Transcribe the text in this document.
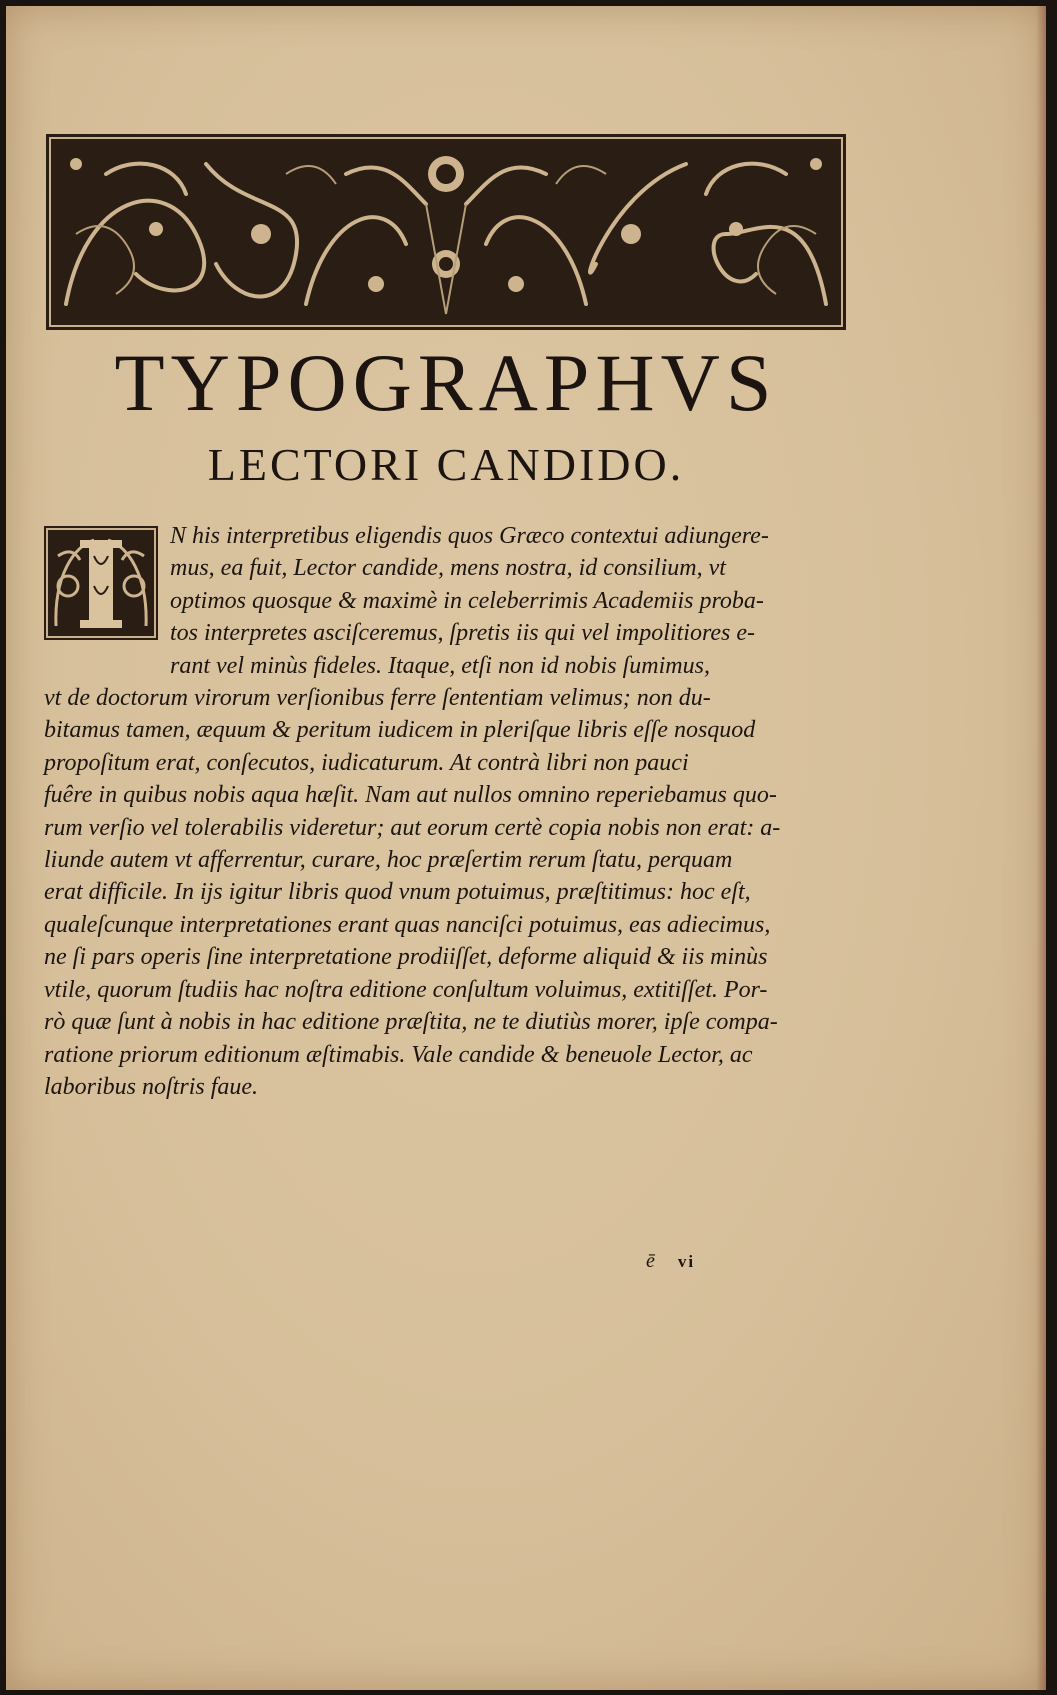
TYPOGRAPHVS
LECTORI CANDIDO.
N his interpretibus eligendis quos Græco contextui adiungere-
mus, ea fuit, Lector candide, mens nostra, id consilium, vt
optimos quosque & maximè in celeberrimis Academiis proba-
tos interpretes asciſceremus, ſpretis iis qui vel impolitiores e-
rant vel minùs fideles. Itaque, etſi non id nobis ſumimus,
vt de doctorum virorum verſionibus ferre ſententiam velimus; non du-
bitamus tamen, æquum & peritum iudicem in pleriſque libris eſſe nosquod
propoſitum erat, conſecutos, iudicaturum. At contrà libri non pauci
fuêre in quibus nobis aqua hæſit. Nam aut nullos omnino reperiebamus quo-
rum verſio vel tolerabilis videretur; aut eorum certè copia nobis non erat: a-
liunde autem vt afferrentur, curare, hoc præſertim rerum ſtatu, perquam
erat difficile. In ijs igitur libris quod vnum potuimus, præſtitimus: hoc eſt,
qualeſcunque interpretationes erant quas nanciſci potuimus, eas adiecimus,
ne ſi pars operis ſine interpretatione prodiiſſet, deforme aliquid & iis minùs
vtile, quorum ſtudiis hac noſtra editione conſultum voluimus, extitiſſet. Por-
rò quæ ſunt à nobis in hac editione præſtita, ne te diutiùs morer, ipſe compa-
ratione priorum editionum æſtimabis. Vale candide & beneuole Lector, ac
laboribus noſtris faue.
ē vi
